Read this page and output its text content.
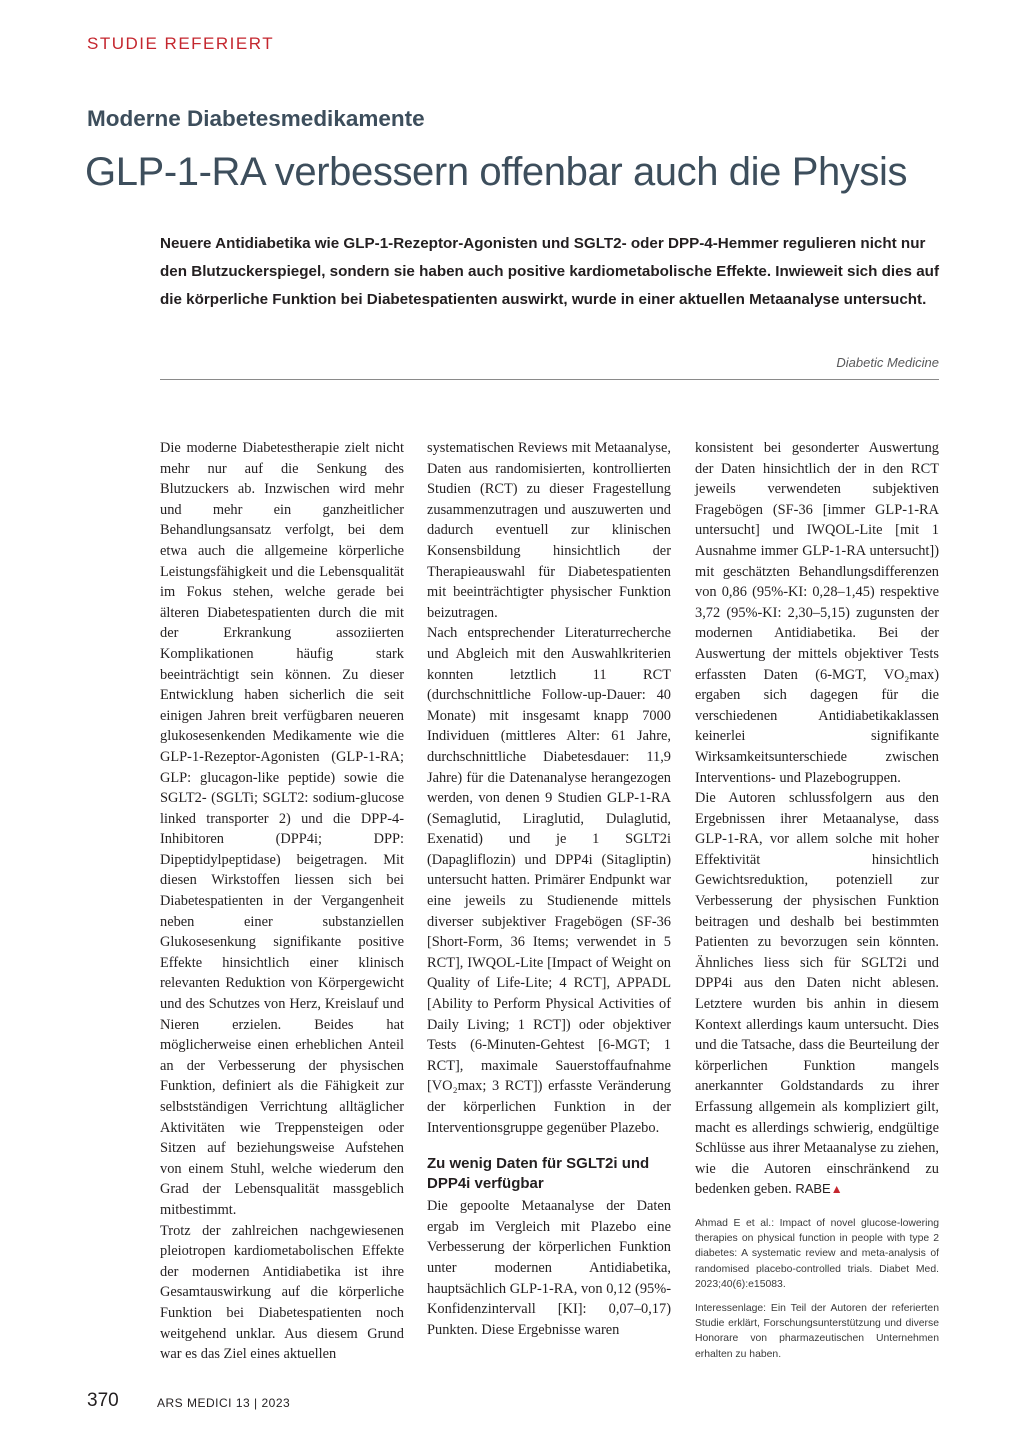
STUDIE REFERIERT
Moderne Diabetesmedikamente
GLP-1-RA verbessern offenbar auch die Physis

Neuere Antidiabetika wie GLP-1-Rezeptor-Agonisten und SGLT2- oder DPP-4-Hemmer regulieren nicht nur den Blutzuckerspiegel, sondern sie haben auch positive kardiometabolische Effekte. Inwieweit sich dies auf die körperliche Funktion bei Diabetespatienten auswirkt, wurde in einer aktuellen Metaanalyse untersucht.

Diabetic Medicine

Die moderne Diabetestherapie zielt nicht mehr nur auf die Senkung des Blutzuckers ab. Inzwischen wird mehr und mehr ein ganzheitlicher Behandlungsansatz verfolgt, bei dem etwa auch die allgemeine körperliche Leistungsfähigkeit und die Lebensqualität im Fokus stehen, welche gerade bei älteren Diabetespatienten durch die mit der Erkrankung assoziierten Komplikationen häufig stark beeinträchtigt sein können. Zu dieser Entwicklung haben sicherlich die seit einigen Jahren breit verfügbaren neueren glukosesenkenden Medikamente wie die GLP-1-Rezeptor-Agonisten (GLP-1-RA; GLP: glucagon-like peptide) sowie die SGLT2- (SGLTi; SGLT2: sodium-glucose linked transporter 2) und die DPP-4-Inhibitoren (DPP4i; DPP: Dipeptidylpeptidase) beigetragen. Mit diesen Wirkstoffen liessen sich bei Diabetespatienten in der Vergangenheit neben einer substanziellen Glukosesenkung signifikante positive Effekte hinsichtlich einer klinisch relevanten Reduktion von Körpergewicht und des Schutzes von Herz, Kreislauf und Nieren erzielen. Beides hat möglicherweise einen erheblichen Anteil an der Verbesserung der physischen Funktion, definiert als die Fähigkeit zur selbstständigen Verrichtung alltäglicher Aktivitäten wie Treppensteigen oder Sitzen auf beziehungsweise Aufstehen von einem Stuhl, welche wiederum den Grad der Lebensqualität massgeblich mitbestimmt.

Trotz der zahlreichen nachgewiesenen pleiotropen kardiometabolischen Effekte der modernen Antidiabetika ist ihre Gesamtauswirkung auf die körperliche Funktion bei Diabetespatienten noch weitgehend unklar. Aus diesem Grund war es das Ziel eines aktuellen

systematischen Reviews mit Metaanalyse, Daten aus randomisierten, kontrollierten Studien (RCT) zu dieser Fragestellung zusammenzutragen und auszuwerten und dadurch eventuell zur klinischen Konsensbildung hinsichtlich der Therapieauswahl für Diabetespatienten mit beeinträchtigter physischer Funktion beizutragen.

Nach entsprechender Literaturrecherche und Abgleich mit den Auswahlkriterien konnten letztlich 11 RCT (durchschnittliche Follow-up-Dauer: 40 Monate) mit insgesamt knapp 7000 Individuen (mittleres Alter: 61 Jahre, durchschnittliche Diabetesdauer: 11,9 Jahre) für die Datenanalyse herangezogen werden, von denen 9 Studien GLP-1-RA (Semaglutid, Liraglutid, Dulaglutid, Exenatid) und je 1 SGLT2i (Dapagliflozin) und DPP4i (Sitagliptin) untersucht hatten. Primärer Endpunkt war eine jeweils zu Studienende mittels diverser subjektiver Fragebögen (SF-36 [Short-Form, 36 Items; verwendet in 5 RCT], IWQOL-Lite [Impact of Weight on Quality of Life-Lite; 4 RCT], APPADL [Ability to Perform Physical Activities of Daily Living; 1 RCT]) oder objektiver Tests (6-Minuten-Gehtest [6-MGT; 1 RCT], maximale Sauerstoffaufnahme [VO₂max; 3 RCT]) erfasste Veränderung der körperlichen Funktion in der Interventionsgruppe gegenüber Plazebo.

Zu wenig Daten für SGLT2i und DPP4i verfügbar

Die gepoolte Metaanalyse der Daten ergab im Vergleich mit Plazebo eine Verbesserung der körperlichen Funktion unter modernen Antidiabetika, hauptsächlich GLP-1-RA, von 0,12 (95%-Konfidenzintervall [KI]: 0,07–0,17) Punkten. Diese Ergebnisse waren

konsistent bei gesonderter Auswertung der Daten hinsichtlich der in den RCT jeweils verwendeten subjektiven Fragebögen (SF-36 [immer GLP-1-RA untersucht] und IWQOL-Lite [mit 1 Ausnahme immer GLP-1-RA untersucht]) mit geschätzten Behandlungsdifferenzen von 0,86 (95%-KI: 0,28–1,45) respektive 3,72 (95%-KI: 2,30–5,15) zugunsten der modernen Antidiabetika. Bei der Auswertung der mittels objektiver Tests erfassten Daten (6-MGT, VO₂max) ergaben sich dagegen für die verschiedenen Antidiabetikaklassen keinerlei signifikante Wirksamkeitsunterschiede zwischen Interventions- und Plazebogruppen.

Die Autoren schlussfolgern aus den Ergebnissen ihrer Metaanalyse, dass GLP-1-RA, vor allem solche mit hoher Effektivität hinsichtlich Gewichtsreduktion, potenziell zur Verbesserung der physischen Funktion beitragen und deshalb bei bestimmten Patienten zu bevorzugen sein könnten. Ähnliches liess sich für SGLT2i und DPP4i aus den Daten nicht ablesen. Letztere wurden bis anhin in diesem Kontext allerdings kaum untersucht. Dies und die Tatsache, dass die Beurteilung der körperlichen Funktion mangels anerkannter Goldstandards zu ihrer Erfassung allgemein als kompliziert gilt, macht es allerdings schwierig, endgültige Schlüsse aus ihrer Metaanalyse zu ziehen, wie die Autoren einschränkend zu bedenken geben. RABE▲

Ahmad E et al.: Impact of novel glucose-lowering therapies on physical function in people with type 2 diabetes: A systematic review and meta-analysis of randomised placebo-controlled trials. Diabet Med. 2023;40(6):e15083.

Interessenlage: Ein Teil der Autoren der referierten Studie erklärt, Forschungsunterstützung und diverse Honorare von pharmazeutischen Unternehmen erhalten zu haben.

370	ARS MEDICI 13 | 2023
